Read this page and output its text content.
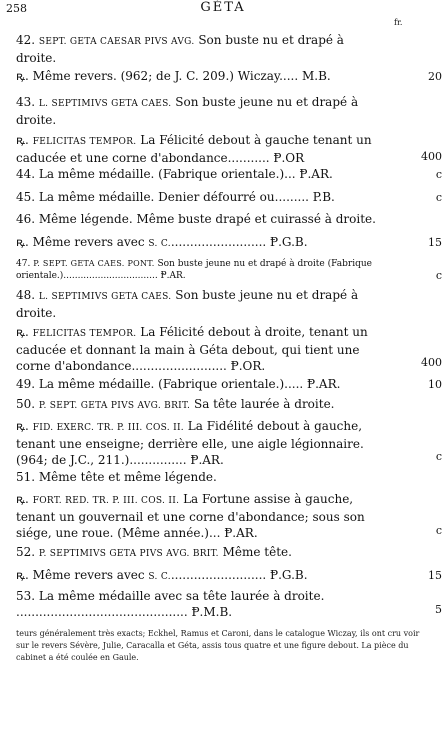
258	GÉTA
fr.
42. SEPT. GETA CAESAR PIVS AVG. Son buste nu et drapé à droite.
ꝶ. Même revers. (962; de J. C. 209.) Wiczay..... M.B.	20
43. L. SEPTIMIVS GETA CAES. Son buste jeune nu et drapé à droite.
ꝶ. FELICITAS TEMPOR. La Félicité debout à gauche tenant un caducée et une corne d'abondance........... Ᵽ.OR	400
44. La même médaille. (Fabrique orientale.)... Ᵽ.AR.	c
45. La même médaille. Denier défourré ou......... P.B.	c
46. Même légende. Même buste drapé et cuirassé à droite.
ꝶ. Même revers avec S. C.......................... Ᵽ.G.B.	15
47. P. SEPT. GETA CAES. PONT. Son buste jeune nu et drapé à droite (Fabrique orientale.)................................. Ᵽ.AR.	c
48. L. SEPTIMIVS GETA CAES. Son buste jeune nu et drapé à droite.
ꝶ. FELICITAS TEMPOR. La Félicité debout à droite, tenant un caducée et donnant la main à Géta debout, qui tient une corne d'abondance......................... Ᵽ.OR.	400
49. La même médaille. (Fabrique orientale.)..... Ᵽ.AR.	10
50. P. SEPT. GETA PIVS AVG. BRIT. Sa tête laurée à droite.
ꝶ. FID. EXERC. TR. P. III. COS. II. La Fidélité debout à gauche, tenant une enseigne; derrière elle, une aigle légionnaire. (964; de J.C., 211.)............... Ᵽ.AR.	c
51. Même tête et même légende.
ꝶ. FORT. RED. TR. P. III. COS. II. La Fortune assise à gauche, tenant un gouvernail et une corne d'abondance; sous son siége, une roue. (Même année.)... Ᵽ.AR.	c
52. P. SEPTIMIVS GETA PIVS AVG. BRIT. Même tête.
ꝶ. Même revers avec S. C.......................... Ᵽ.G.B.	15
53. La même médaille avec sa tête laurée à droite. ............................................. Ᵽ.M.B.	5
teurs généralement très exacts; Eckhel, Ramus et Caroni, dans le catalogue Wiczay, ils ont cru voir sur le revers Sévère, Julie, Caracalla et Géta, assis tous quatre et une figure debout. La pièce du cabinet a été coulée en Gaule.
